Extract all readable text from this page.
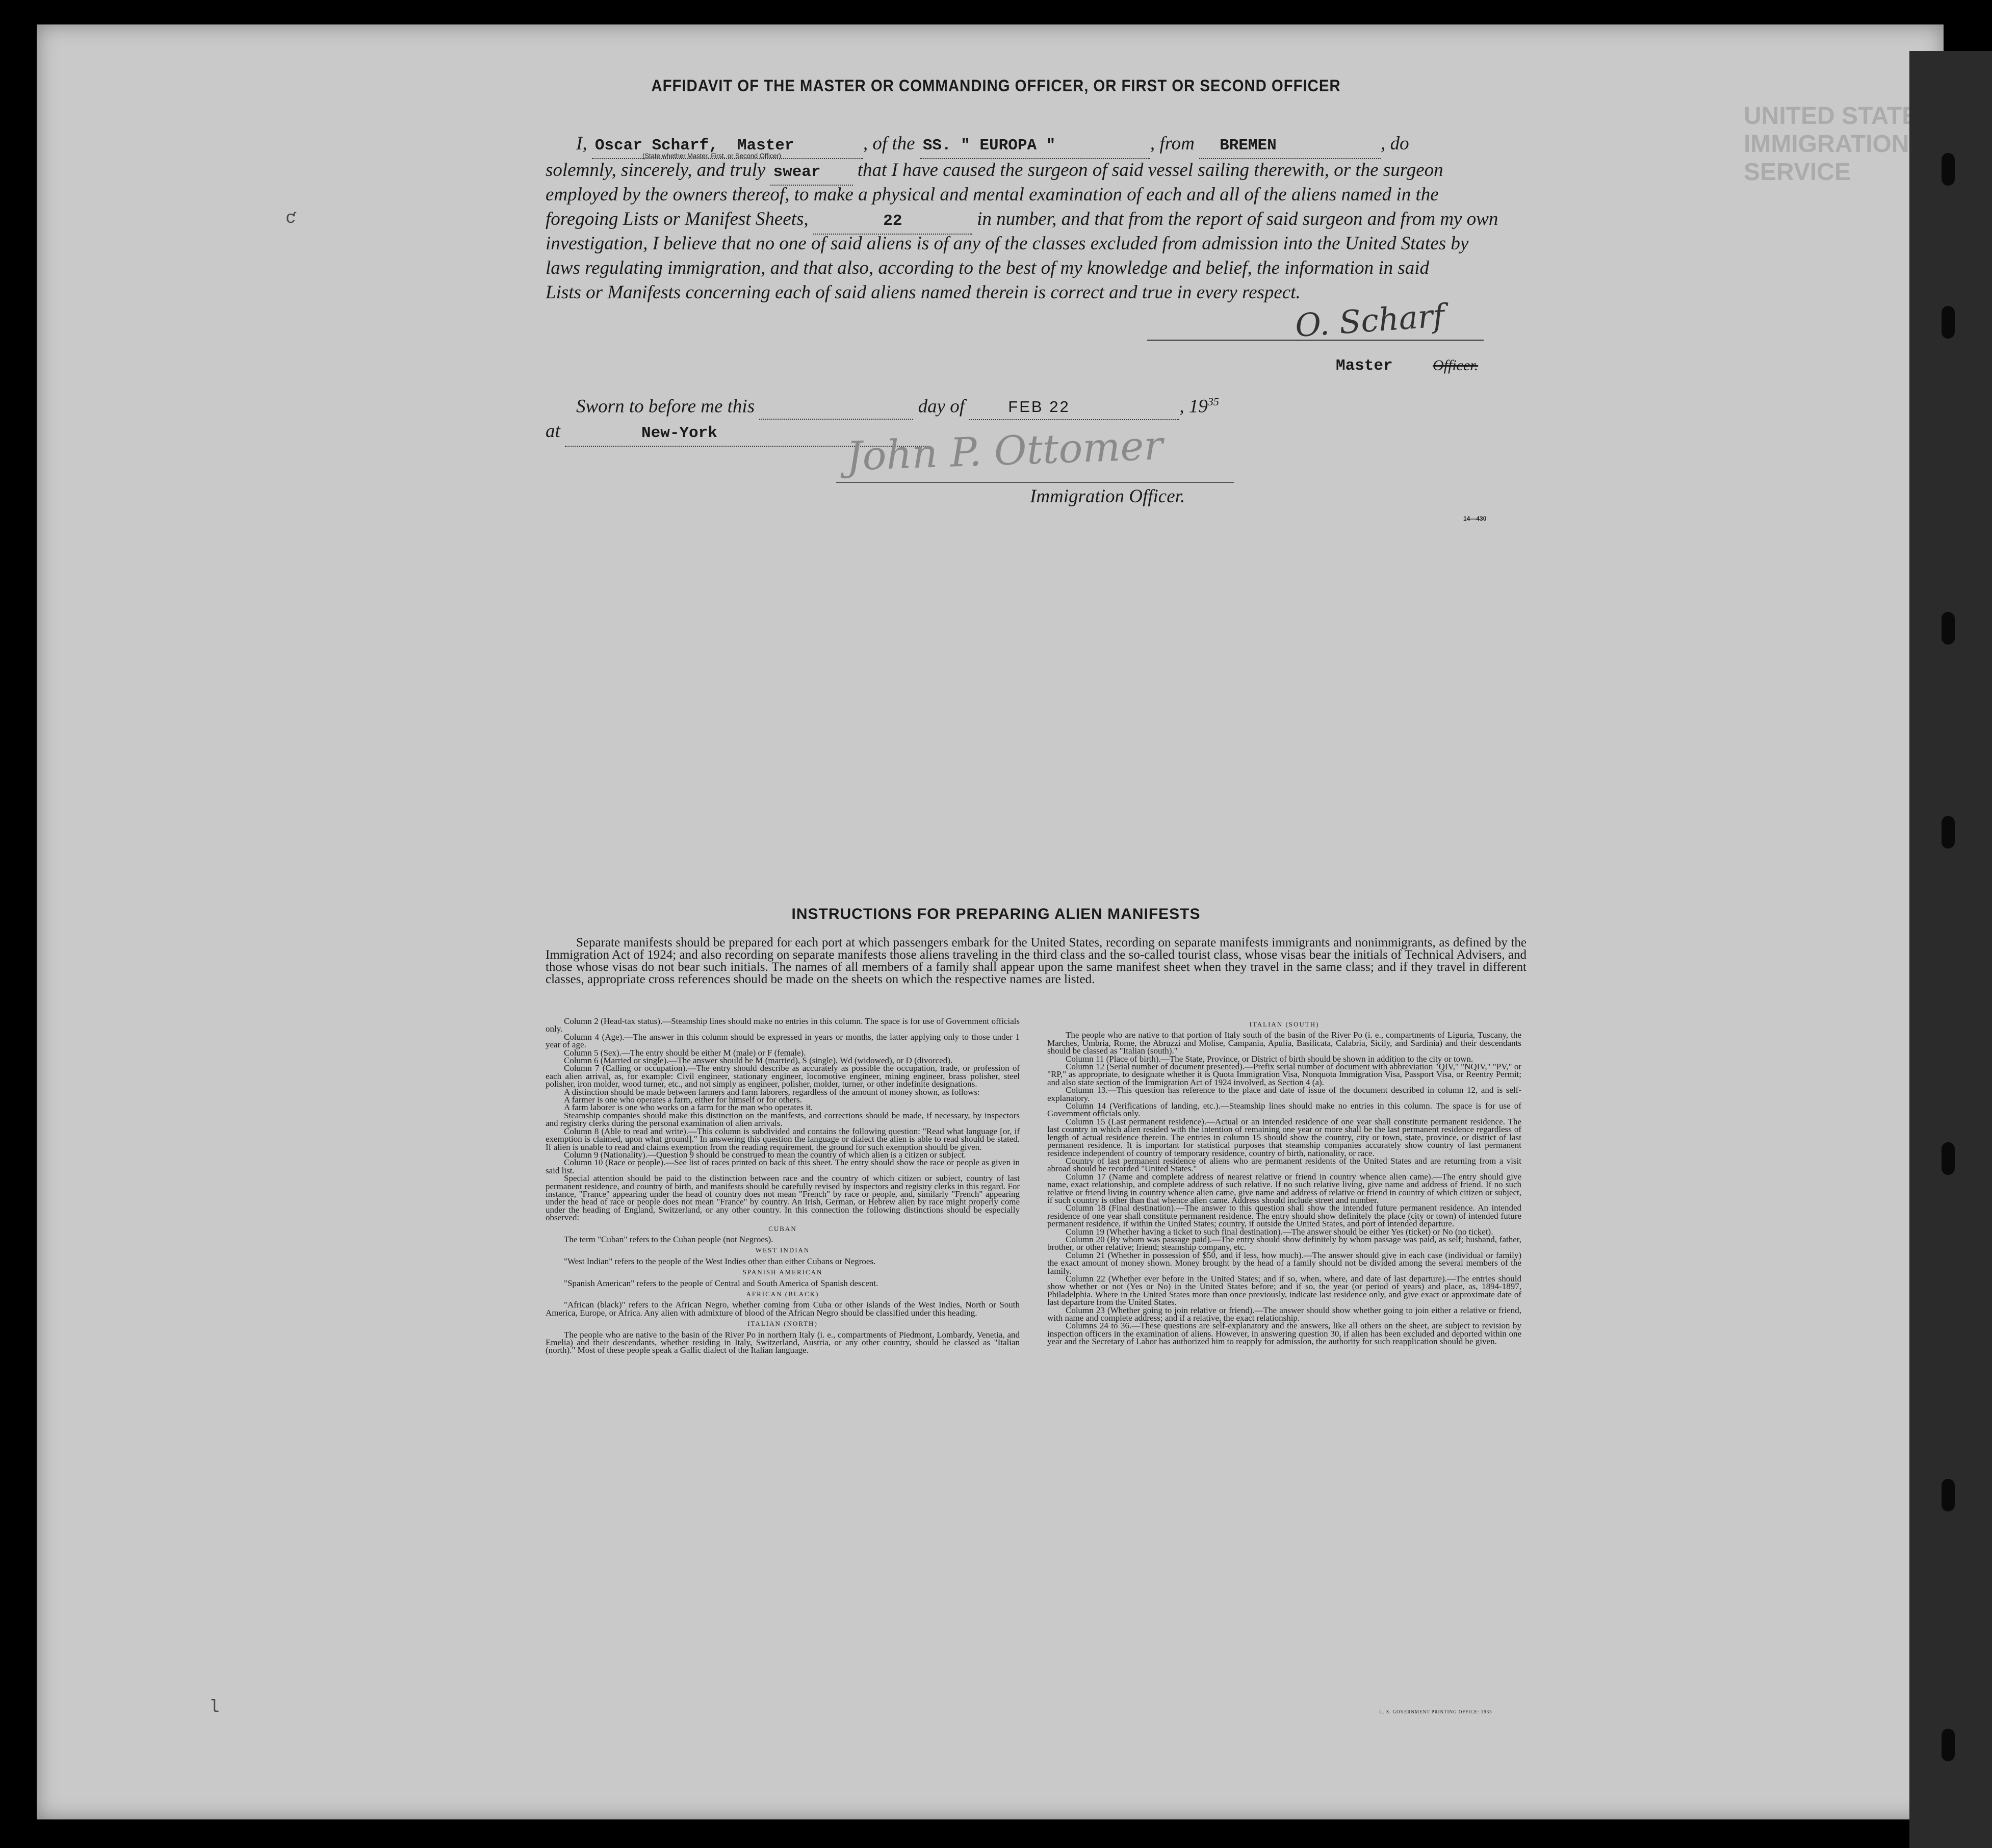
UNITED STATES IMMIGRATION SERVICE
ƈ
l
AFFIDAVIT OF THE MASTER OR COMMANDING OFFICER, OR FIRST OR SECOND OFFICER
I, Oscar Scharf, Master	, of the SS. " EUROPA "	, from BREMEN	, do
(State whether Master, First, or Second Officer)
solemnly, sincerely, and truly swear that I have caused the surgeon of said vessel sailing therewith, or the surgeon
employed by the owners thereof, to make a physical and mental examination of each and all of the aliens named in the
foregoing Lists or Manifest Sheets,	22	in number, and that from the report of said surgeon and from my own
investigation, I believe that no one of said aliens is of any of the classes excluded from admission into the United States by
laws regulating immigration, and that also, according to the best of my knowledge and belief, the information in said
Lists or Manifests concerning each of said aliens named therein is correct and true in every respect.
O. Scharf
Master	Officer.
Sworn to before me this	day of	FEB 22	, $19^{35}$
at	New-York	John P. Ottomer
Immigration Officer.
14—430
INSTRUCTIONS FOR PREPARING ALIEN MANIFESTS
Separate manifests should be prepared for each port at which passengers embark for the United States, recording on separate manifests immigrants and nonimmigrants, as defined by the Immigration Act of 1924; and also recording on separate manifests those aliens traveling in the third class and the so-called tourist class, whose visas bear the initials of Technical Advisers, and those whose visas do not bear such initials. The names of all members of a family shall appear upon the same manifest sheet when they travel in the same class; and if they travel in different classes, appropriate cross references should be made on the sheets on which the respective names are listed.

Column 2 (Head-tax status).—Steamship lines should make no entries in this column. The space is for use of Government officials only.

Column 4 (Age).—The answer in this column should be expressed in years or months, the latter applying only to those under 1 year of age.

Column 5 (Sex).—The entry should be either M (male) or F (female).

Column 6 (Married or single).—The answer should be M (married), S (single), Wd (widowed), or D (divorced).

Column 7 (Calling or occupation).—The entry should describe as accurately as possible the occupation, trade, or profession of each alien arrival, as, for example: Civil engineer, stationary engineer, locomotive engineer, mining engineer, brass polisher, steel polisher, iron molder, wood turner, etc., and not simply as engineer, polisher, molder, turner, or other indefinite designations.

A distinction should be made between farmers and farm laborers, regardless of the amount of money shown, as follows:

A farmer is one who operates a farm, either for himself or for others.

A farm laborer is one who works on a farm for the man who operates it.

Steamship companies should make this distinction on the manifests, and corrections should be made, if necessary, by inspectors and registry clerks during the personal examination of alien arrivals.

Column 8 (Able to read and write).—This column is subdivided and contains the following question: "Read what language [or, if exemption is claimed, upon what ground]." In answering this question the language or dialect the alien is able to read should be stated. If alien is unable to read and claims exemption from the reading requirement, the ground for such exemption should be given.

Column 9 (Nationality).—Question 9 should be construed to mean the country of which alien is a citizen or subject.

Column 10 (Race or people).—See list of races printed on back of this sheet. The entry should show the race or people as given in said list.

Special attention should be paid to the distinction between race and the country of which citizen or subject, country of last permanent residence, and country of birth, and manifests should be carefully revised by inspectors and registry clerks in this regard. For instance, "France" appearing under the head of country does not mean "French" by race or people, and, similarly "French" appearing under the head of race or people does not mean "France" by country. An Irish, German, or Hebrew alien by race might properly come under the heading of England, Switzerland, or any other country. In this connection the following distinctions should be especially observed:

CUBAN

The term "Cuban" refers to the Cuban people (not Negroes).

WEST INDIAN

"West Indian" refers to the people of the West Indies other than either Cubans or Negroes.

SPANISH AMERICAN

"Spanish American" refers to the people of Central and South America of Spanish descent.

AFRICAN (BLACK)

"African (black)" refers to the African Negro, whether coming from Cuba or other islands of the West Indies, North or South America, Europe, or Africa. Any alien with admixture of blood of the African Negro should be classified under this heading.

ITALIAN (NORTH)

The people who are native to the basin of the River Po in northern Italy (i. e., compartments of Piedmont, Lombardy, Venetia, and Emelia) and their descendants, whether residing in Italy, Switzerland, Austria, or any other country, should be classed as "Italian (north)." Most of these people speak a Gallic dialect of the Italian language.

ITALIAN (SOUTH)

The people who are native to that portion of Italy south of the basin of the River Po (i. e., compartments of Liguria, Tuscany, the Marches, Umbria, Rome, the Abruzzi and Molise, Campania, Apulia, Basilicata, Calabria, Sicily, and Sardinia) and their descendants should be classed as "Italian (south)."

Column 11 (Place of birth).—The State, Province, or District of birth should be shown in addition to the city or town.

Column 12 (Serial number of document presented).—Prefix serial number of document with abbreviation "QIV," "NQIV," "PV," or "RP," as appropriate, to designate whether it is Quota Immigration Visa, Nonquota Immigration Visa, Passport Visa, or Reentry Permit; and also state section of the Immigration Act of 1924 involved, as Section 4 (a).

Column 13.—This question has reference to the place and date of issue of the document described in column 12, and is self-explanatory.

Column 14 (Verifications of landing, etc.).—Steamship lines should make no entries in this column. The space is for use of Government officials only.

Column 15 (Last permanent residence).—Actual or an intended residence of one year shall constitute permanent residence. The last country in which alien resided with the intention of remaining one year or more shall be the last permanent residence regardless of length of actual residence therein. The entries in column 15 should show the country, city or town, state, province, or district of last permanent residence. It is important for statistical purposes that steamship companies accurately show country of last permanent residence independent of country of temporary residence, country of birth, nationality, or race.

Country of last permanent residence of aliens who are permanent residents of the United States and are returning from a visit abroad should be recorded "United States."

Column 17 (Name and complete address of nearest relative or friend in country whence alien came).—The entry should give name, exact relationship, and complete address of such relative. If no such relative living, give name and address of friend. If no such relative or friend living in country whence alien came, give name and address of relative or friend in country of which citizen or subject, if such country is other than that whence alien came. Address should include street and number.

Column 18 (Final destination).—The answer to this question shall show the intended future permanent residence. An intended residence of one year shall constitute permanent residence. The entry should show definitely the place (city or town) of intended future permanent residence, if within the United States; country, if outside the United States, and port of intended departure.

Column 19 (Whether having a ticket to such final destination).—The answer should be either Yes (ticket) or No (no ticket).

Column 20 (By whom was passage paid).—The entry should show definitely by whom passage was paid, as self; husband, father, brother, or other relative; friend; steamship company, etc.

Column 21 (Whether in possession of $50, and if less, how much).—The answer should give in each case (individual or family) the exact amount of money shown. Money brought by the head of a family should not be divided among the several members of the family.

Column 22 (Whether ever before in the United States; and if so, when, where, and date of last departure).—The entries should show whether or not (Yes or No) in the United States before; and if so, the year (or period of years) and place, as, 1894-1897, Philadelphia. Where in the United States more than once previously, indicate last residence only, and give exact or approximate date of last departure from the United States.

Column 23 (Whether going to join relative or friend).—The answer should show whether going to join either a relative or friend, with name and complete address; and if a relative, the exact relationship.

Columns 24 to 36.—These questions are self-explanatory and the answers, like all others on the sheet, are subject to revision by inspection officers in the examination of aliens. However, in answering question 30, if alien has been excluded and deported within one year and the Secretary of Labor has authorized him to reapply for admission, the authority for such reapplication should be given.

U. S. GOVERNMENT PRINTING OFFICE: 1933
